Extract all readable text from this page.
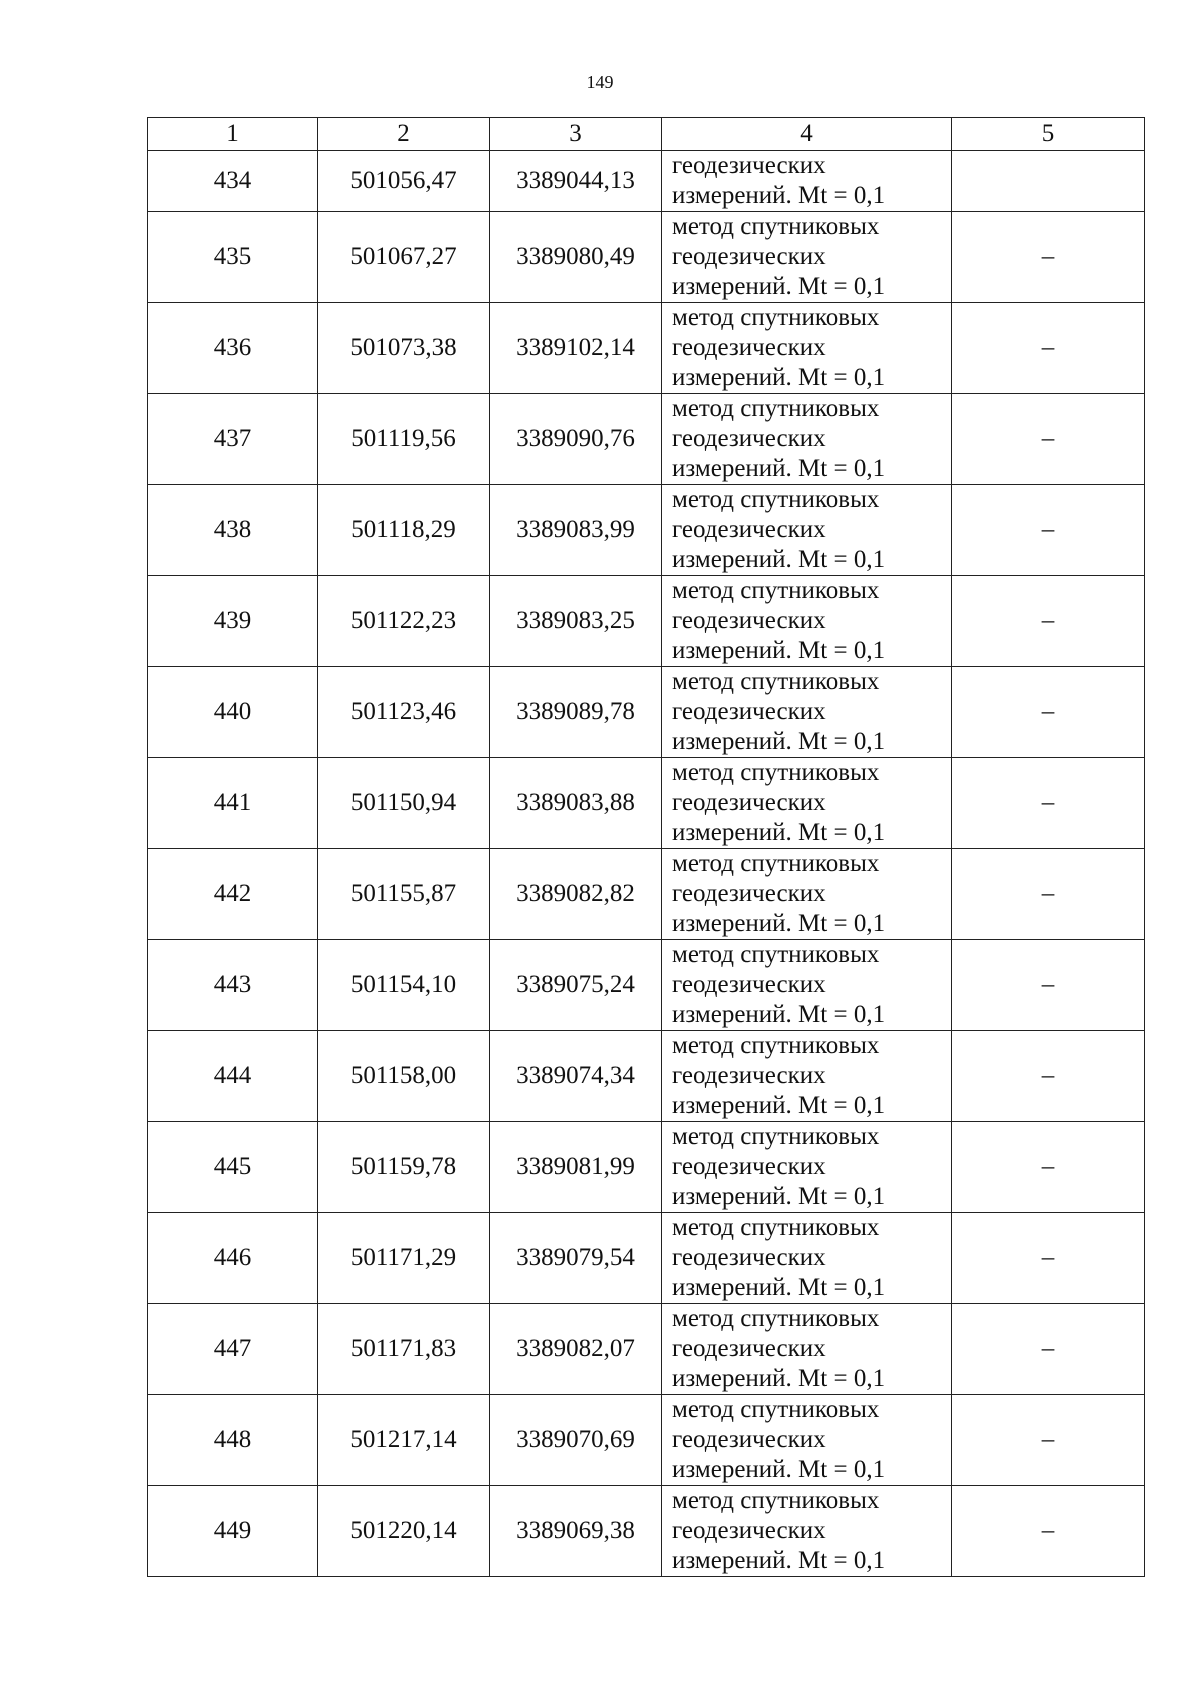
149
1	2	3	4	5
434	501056,47	3389044,13	геодезических
измерений. Mt = 0,1	

435	501067,27	3389080,49	метод спутниковых
геодезических
измерений. Mt = 0,1	–
436	501073,38	3389102,14	метод спутниковых
геодезических
измерений. Mt = 0,1	–
437	501119,56	3389090,76	метод спутниковых
геодезических
измерений. Mt = 0,1	–
438	501118,29	3389083,99	метод спутниковых
геодезических
измерений. Mt = 0,1	–
439	501122,23	3389083,25	метод спутниковых
геодезических
измерений. Mt = 0,1	–
440	501123,46	3389089,78	метод спутниковых
геодезических
измерений. Mt = 0,1	–
441	501150,94	3389083,88	метод спутниковых
геодезических
измерений. Mt = 0,1	–
442	501155,87	3389082,82	метод спутниковых
геодезических
измерений. Mt = 0,1	–
443	501154,10	3389075,24	метод спутниковых
геодезических
измерений. Mt = 0,1	–
444	501158,00	3389074,34	метод спутниковых
геодезических
измерений. Mt = 0,1	–
445	501159,78	3389081,99	метод спутниковых
геодезических
измерений. Mt = 0,1	–
446	501171,29	3389079,54	метод спутниковых
геодезических
измерений. Mt = 0,1	–
447	501171,83	3389082,07	метод спутниковых
геодезических
измерений. Mt = 0,1	–
448	501217,14	3389070,69	метод спутниковых
геодезических
измерений. Mt = 0,1	–
449	501220,14	3389069,38	метод спутниковых
геодезических
измерений. Mt = 0,1	–
